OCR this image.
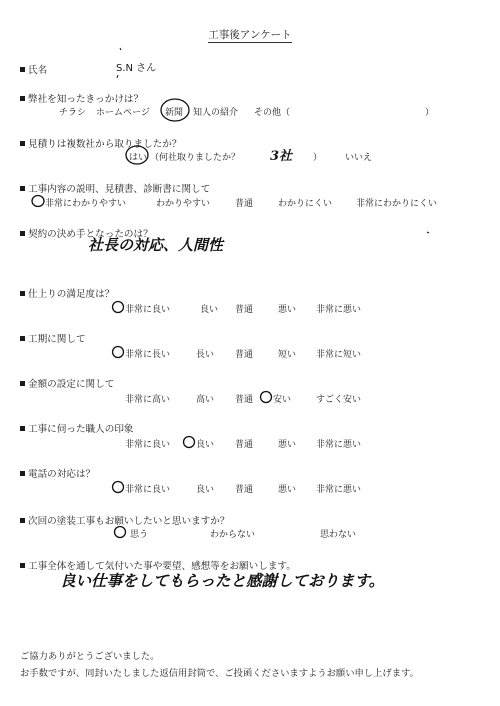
工事後アンケート
氏名	S.N さん
弊社を知ったきっかけは？
チラシ ホームページ 新聞 知人の紹介 その他（	）
見積りは複数社から取りましたか？
はい （何社取りましたか？ 3社 ）	いいえ
工事内容の説明、見積書、診断書に関して
非常にわかりやすい	わかりやすい	普通	わかりにくい	非常にわかりにくい
契約の決め手となったのは？
社長の対応、人間性
仕上りの満足度は？
非常に良い	良い 普通	悪い 非常に悪い
工期に関して
非常に長い	長い 普通	短い 非常に短い
金額の設定に関して
非常に高い	高い 普通 安い	すごく安い
工事に伺った職人の印象
非常に良い	良い 普通	悪い 非常に悪い
電話の対応は？
非常に良い	良い 普通	悪い 非常に悪い
次回の塗装工事もお願いしたいと思いますか？
思う	わからない	思わない
工事全体を通して気付いた事や要望、感想等をお願いします。
良い仕事をしてもらったと感謝しております。
ご協力ありがとうございました。
お手数ですが、同封いたしました返信用封筒で、ご投函くださいますようお願い申し上げます。
